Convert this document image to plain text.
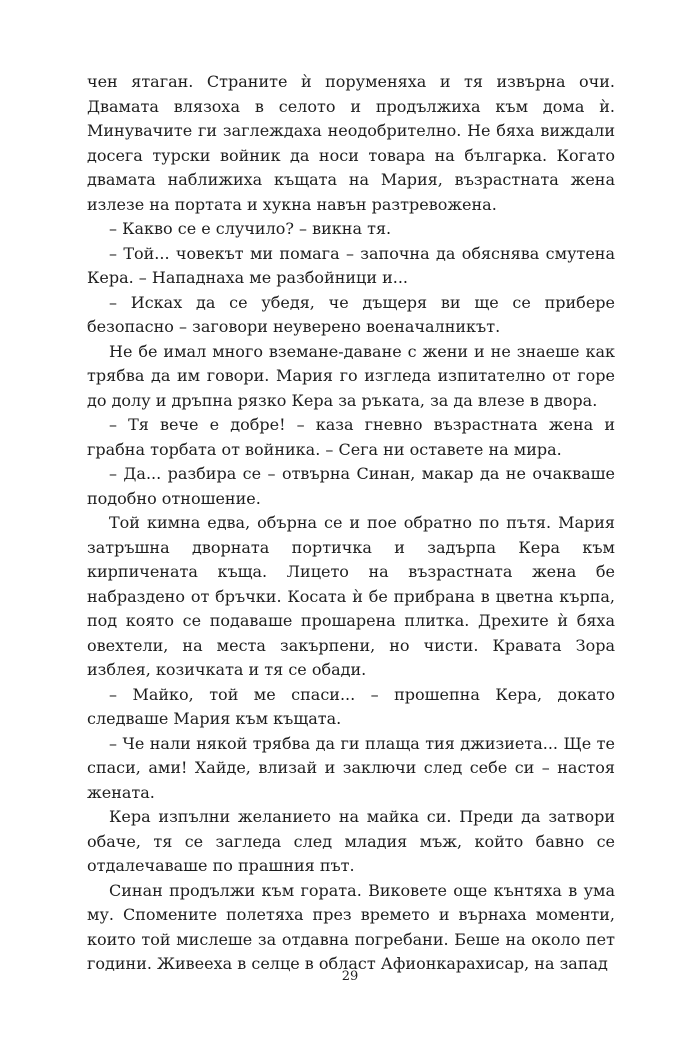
чен ятаган. Страните ѝ поруменяха и тя извърна очи. Двамата влязоха в селото и продължиха към дома ѝ. Минувачите ги заглеждаха неодобрително. Не бяха виждали досега турски войник да носи товара на българка. Когато двамата наближиха къщата на Мария, възрастната жена излезе на портата и хукна навън разтревожена.

– Какво се е случило? – викна тя.

– Той... човекът ми помага – започна да обяснява смутена Кера. – Нападнаха ме разбойници и...

– Исках да се убедя, че дъщеря ви ще се прибере безопасно – заговори неуверено военачалникът.

Не бе имал много вземане-даване с жени и не знаеше как трябва да им говори. Мария го изгледа изпитателно от горе до долу и дръпна рязко Кера за ръката, за да влезе в двора.

– Тя вече е добре! – каза гневно възрастната жена и грабна торбата от войника. – Сега ни оставете на мира.

– Да... разбира се – отвърна Синан, макар да не очакваше подобно отношение.

Той кимна едва, обърна се и пое обратно по пътя. Мария затръшна дворната портичка и задърпа Кера към кирпичената къща. Лицето на възрастната жена бе набраздено от бръчки. Косата ѝ бе прибрана в цветна кърпа, под която се подаваше прошарена плитка. Дрехите ѝ бяха овехтели, на места закърпени, но чисти. Кравата Зора изблея, козичката и тя се обади.

– Майко, той ме спаси... – прошепна Кера, докато следваше Мария към къщата.

– Че нали някой трябва да ги плаща тия джизиета... Ще те спаси, ами! Хайде, влизай и заключи след себе си – настоя жената.

Кера изпълни желанието на майка си. Преди да затвори обаче, тя се загледа след младия мъж, който бавно се отдалечаваше по прашния път.

Синан продължи към гората. Виковете още кънтяха в ума му. Спомените полетяха през времето и върнаха моменти, които той мислеше за отдавна погребани. Беше на около пет години. Живееха в селце в област Афионкарахисар, на запад

29
